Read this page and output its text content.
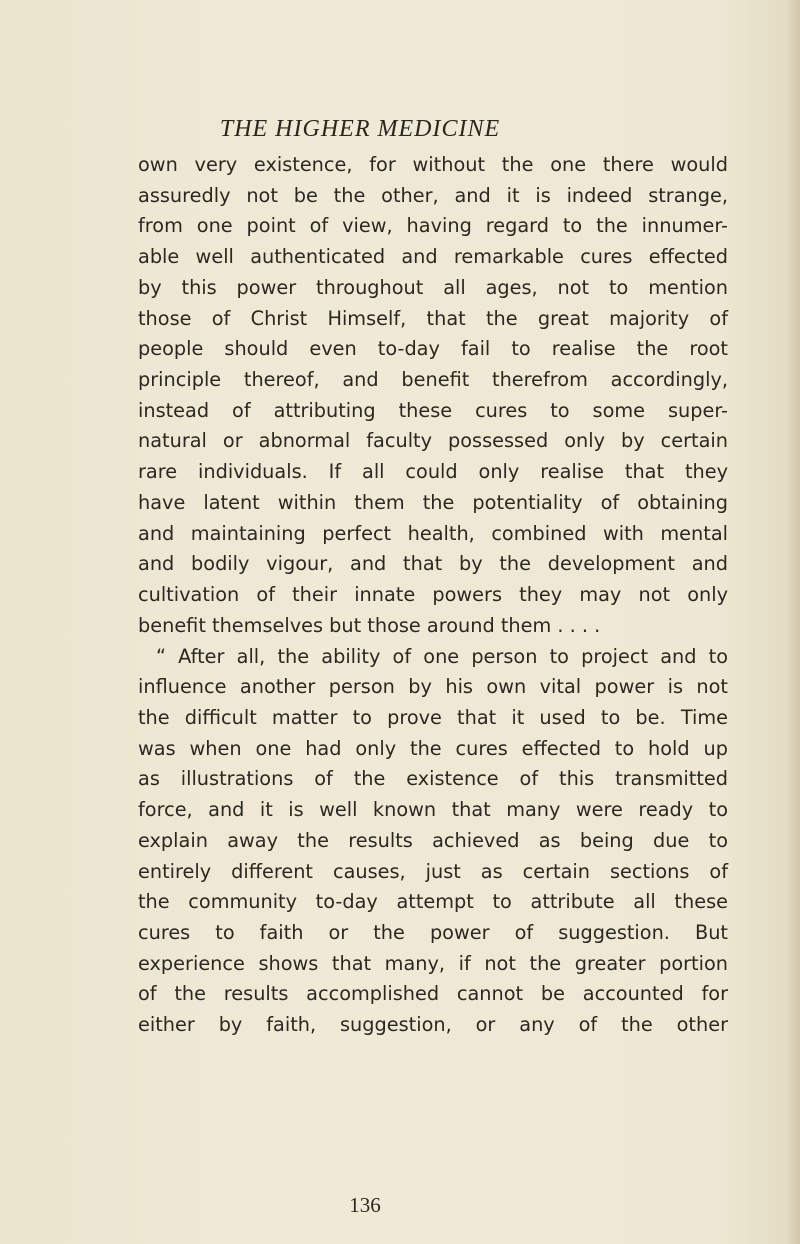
THE HIGHER MEDICINE
own very existence, for without the one there would
assuredly not be the other, and it is indeed strange,
from one point of view, having regard to the innumer-
able well authenticated and remarkable cures effected
by this power throughout all ages, not to mention
those of Christ Himself, that the great majority of
people should even to-day fail to realise the root
principle thereof, and benefit therefrom accordingly,
instead of attributing these cures to some super-
natural or abnormal faculty possessed only by certain
rare individuals. If all could only realise that they
have latent within them the potentiality of obtaining
and maintaining perfect health, combined with mental
and bodily vigour, and that by the development and
cultivation of their innate powers they may not only
benefit themselves but those around them . . . .
“ After all, the ability of one person to project and to
influence another person by his own vital power is not
the difficult matter to prove that it used to be. Time
was when one had only the cures effected to hold up
as illustrations of the existence of this transmitted
force, and it is well known that many were ready to
explain away the results achieved as being due to
entirely different causes, just as certain sections of
the community to-day attempt to attribute all these
cures to faith or the power of suggestion. But
experience shows that many, if not the greater portion
of the results accomplished cannot be accounted for
either by faith, suggestion, or any of the other
136
